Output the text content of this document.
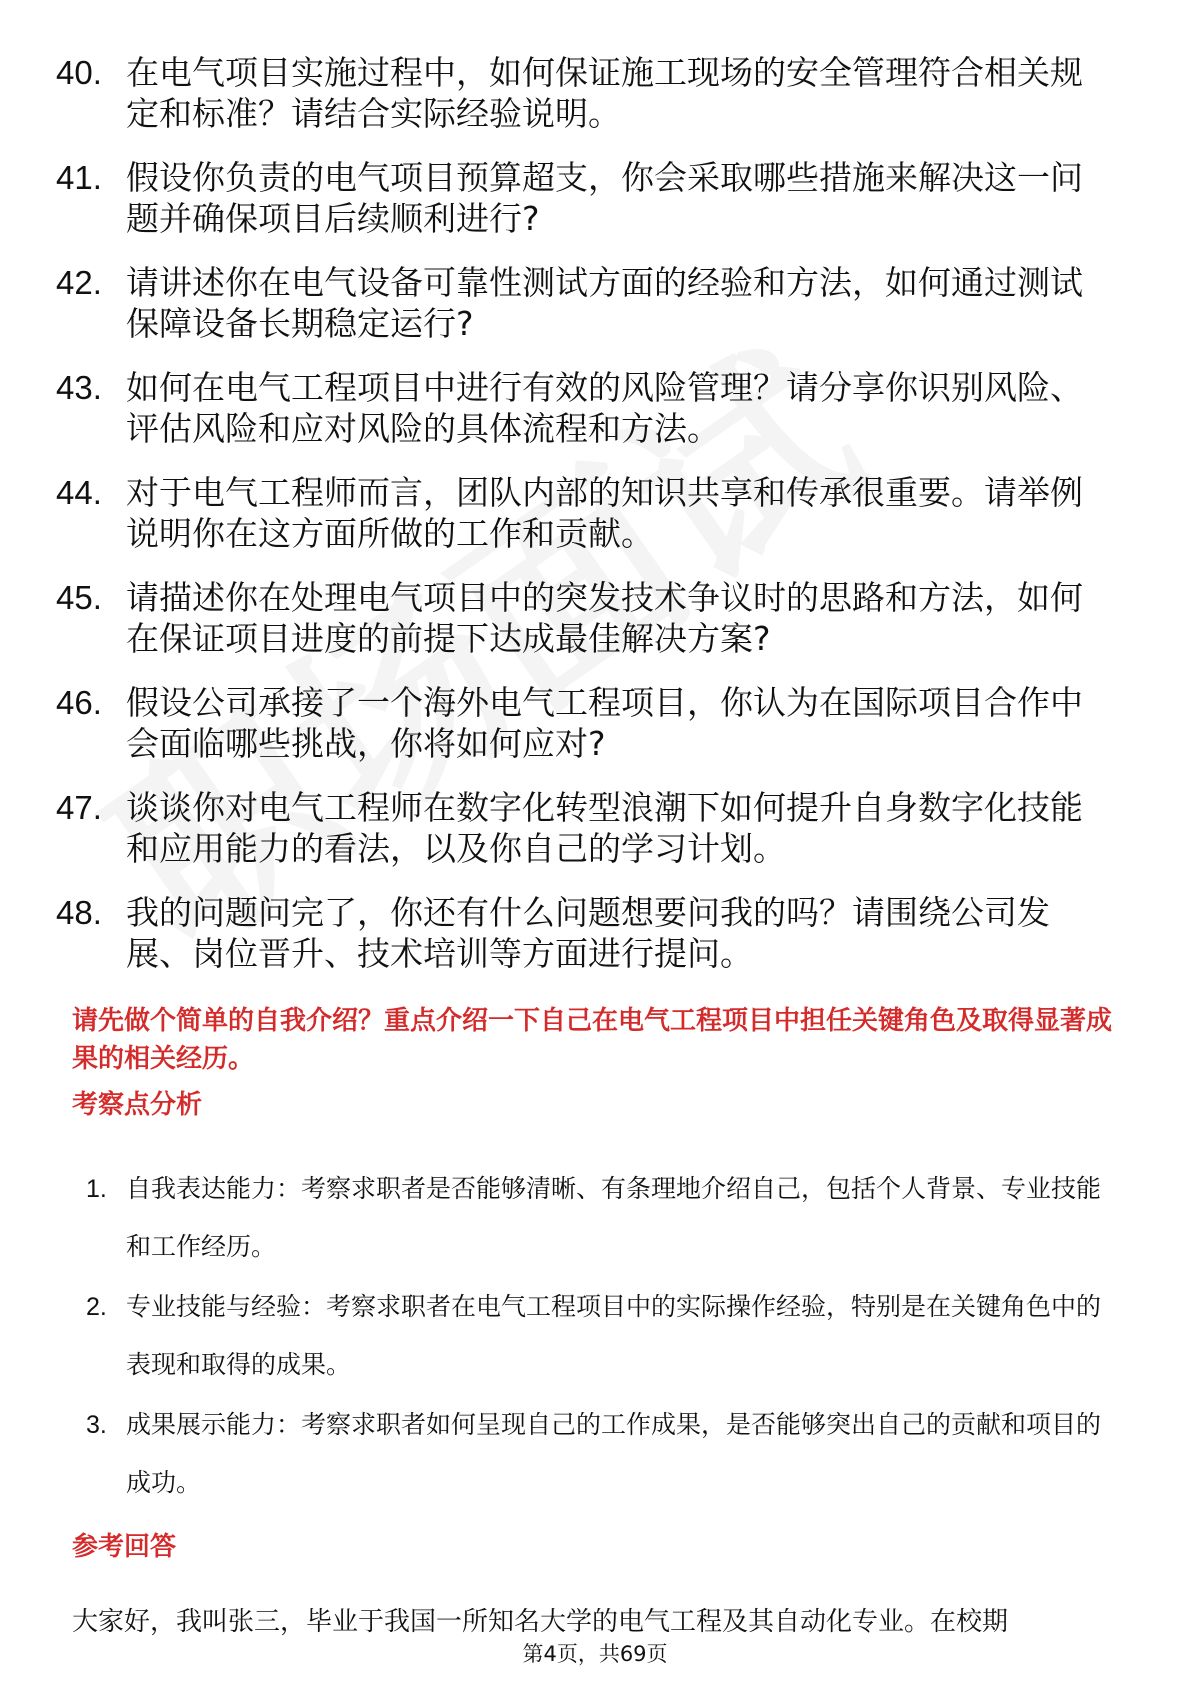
40. 在电气项目实施过程中，如何保证施工现场的安全管理符合相关规定和标准？请结合实际经验说明。
41. 假设你负责的电气项目预算超支，你会采取哪些措施来解决这一问题并确保项目后续顺利进行?
42. 请讲述你在电气设备可靠性测试方面的经验和方法，如何通过测试保障设备长期稳定运行?
43. 如何在电气工程项目中进行有效的风险管理？请分享你识别风险、评估风险和应对风险的具体流程和方法。
44. 对于电气工程师而言，团队内部的知识共享和传承很重要。请举例说明你在这方面所做的工作和贡献。
45. 请描述你在处理电气项目中的突发技术争议时的思路和方法，如何在保证项目进度的前提下达成最佳解决方案?
46. 假设公司承接了一个海外电气工程项目，你认为在国际项目合作中会面临哪些挑战，你将如何应对?
47. 谈谈你对电气工程师在数字化转型浪潮下如何提升自身数字化技能和应用能力的看法，以及你自己的学习计划。
48. 我的问题问完了，你还有什么问题想要问我的吗？请围绕公司发展、岗位晋升、技术培训等方面进行提问。
请先做个简单的自我介绍？重点介绍一下自己在电气工程项目中担任关键角色及取得显著成果的相关经历。
考察点分析
1. 自我表达能力：考察求职者是否能够清晰、有条理地介绍自己，包括个人背景、专业技能和工作经历。
2. 专业技能与经验：考察求职者在电气工程项目中的实际操作经验，特别是在关键角色中的表现和取得的成果。
3. 成果展示能力：考察求职者如何呈现自己的工作成果，是否能够突出自己的贡献和项目的成功。
参考回答
大家好，我叫张三，毕业于我国一所知名大学的电气工程及其自动化专业。在校期
第4页，共69页
